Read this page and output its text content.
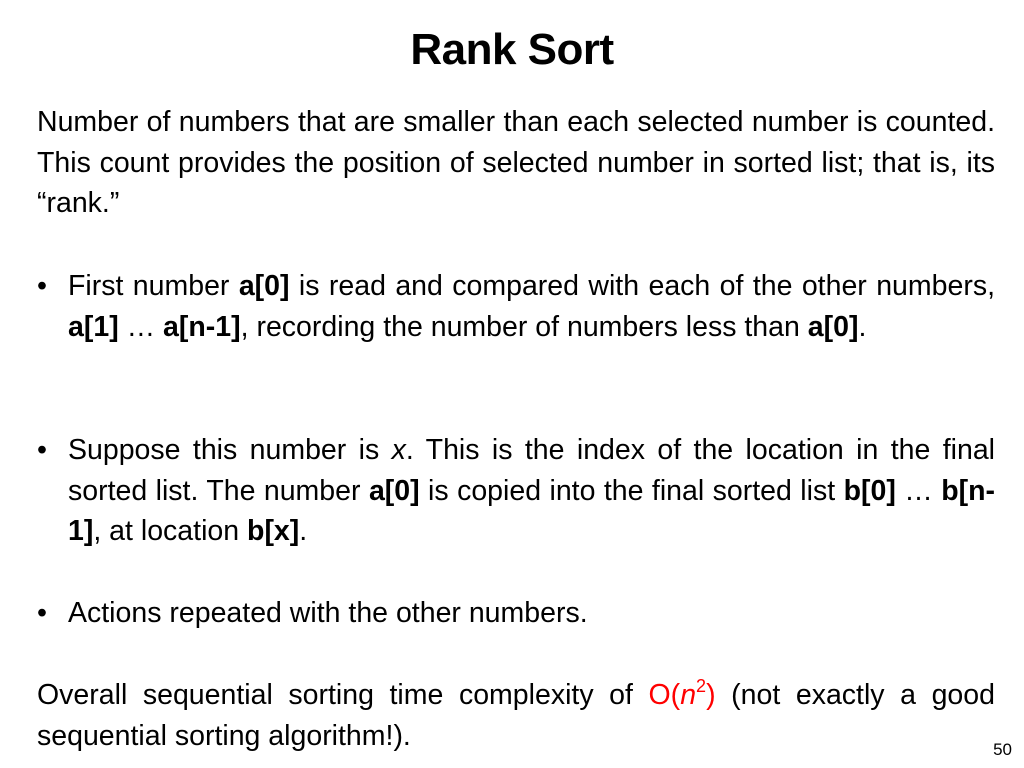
Rank Sort
Number of numbers that are smaller than each selected number is counted. This count provides the position of selected number in sorted list; that is, its “rank.”
• First number a[0] is read and compared with each of the other numbers, a[1] … a[n-1], recording the number of numbers less than a[0].
• Suppose this number is x. This is the index of the location in the final sorted list. The number a[0] is copied into the final sorted list b[0] … b[n-1], at location b[x].
• Actions repeated with the other numbers.
Overall sequential sorting time complexity of $O(n^2)$ (not exactly a good sequential sorting algorithm!).	50
